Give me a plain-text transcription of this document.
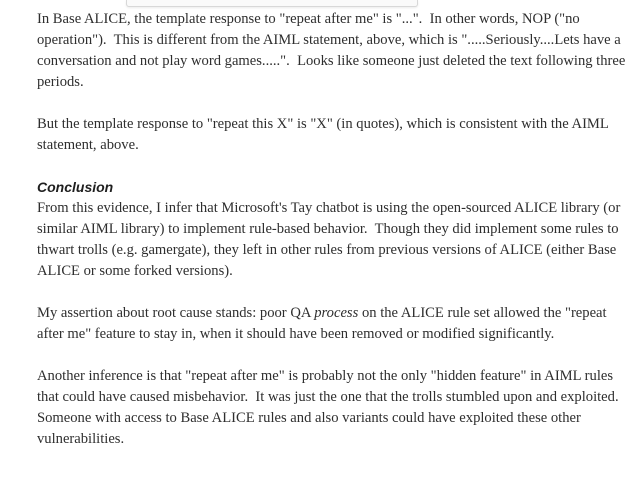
In Base ALICE, the template response to "repeat after me" is "...".  In other words, NOP ("no operation").  This is different from the AIML statement, above, which is ".....Seriously....Lets have a conversation and not play word games.....".  Looks like someone just deleted the text following three periods.

But the template response to "repeat this X" is "X" (in quotes), which is consistent with the AIML statement, above.

Conclusion

From this evidence, I infer that Microsoft's Tay chatbot is using the open-sourced ALICE library (or similar AIML library) to implement rule-based behavior.  Though they did implement some rules to thwart trolls (e.g. gamergate), they left in other rules from previous versions of ALICE (either Base ALICE or some forked versions).

My assertion about root cause stands: poor QA process on the ALICE rule set allowed the "repeat after me" feature to stay in, when it should have been removed or modified significantly.

Another inference is that "repeat after me" is probably not the only "hidden feature" in AIML rules that could have caused misbehavior.  It was just the one that the trolls stumbled upon and exploited.  Someone with access to Base ALICE rules and also variants could have exploited these other vulnerabilities.
